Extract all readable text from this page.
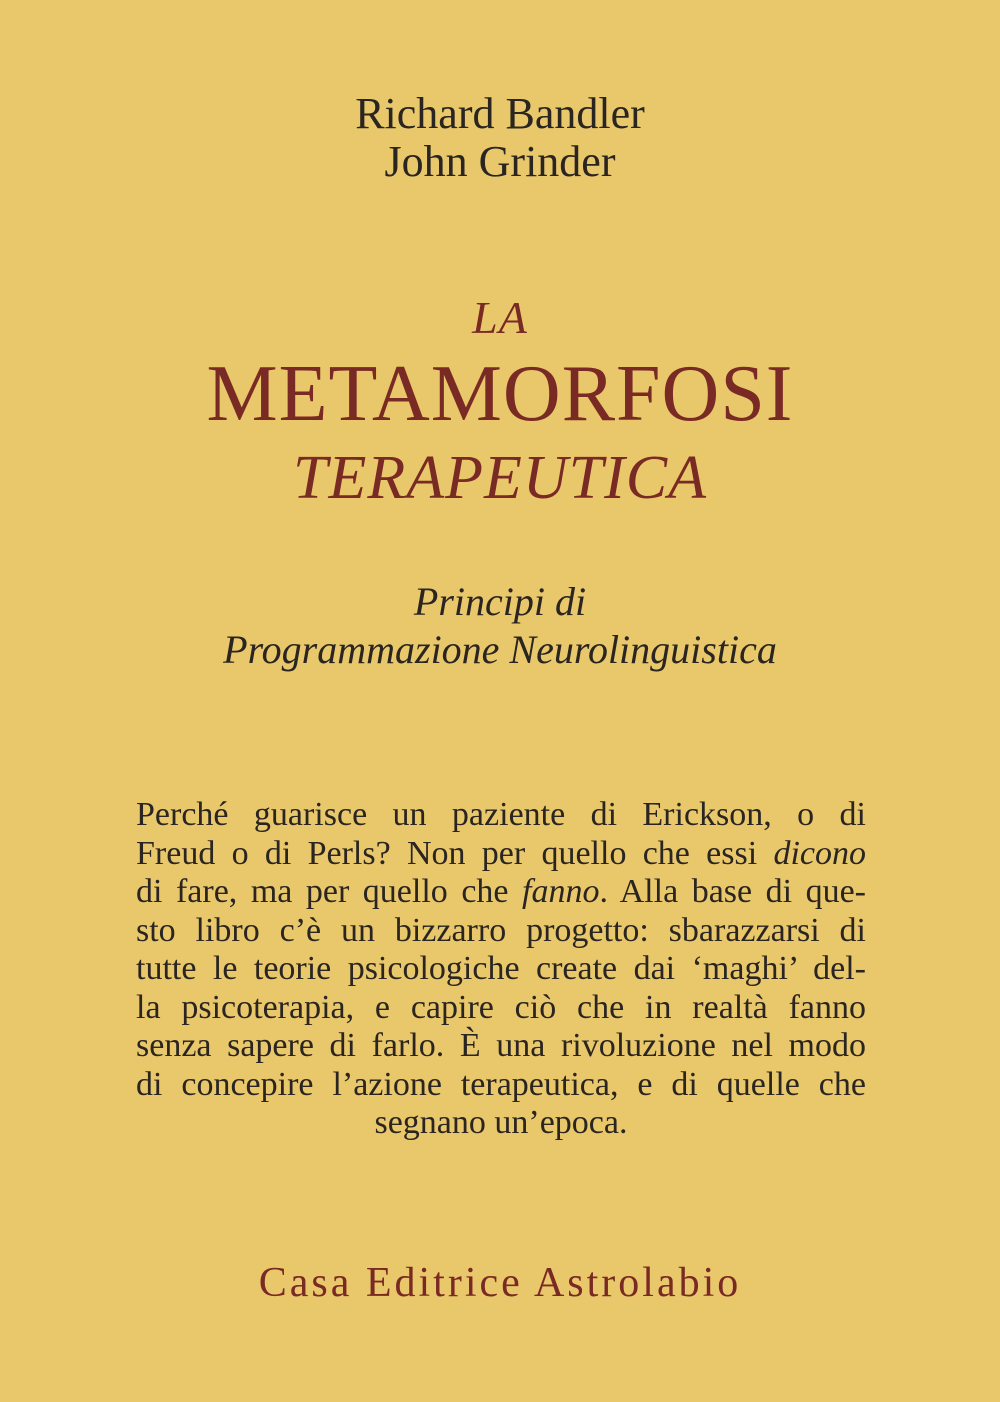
Richard Bandler
John Grinder
LA
METAMORFOSI
TERAPEUTICA
Principi di
Programmazione Neurolinguistica
Perché guarisce un paziente di Erickson, o di
Freud o di Perls? Non per quello che essi dicono
di fare, ma per quello che fanno. Alla base di que-
sto libro c’è un bizzarro progetto: sbarazzarsi di
tutte le teorie psicologiche create dai ‘maghi’ del-
la psicoterapia, e capire ciò che in realtà fanno
senza sapere di farlo. È una rivoluzione nel modo
di concepire l’azione terapeutica, e di quelle che
segnano un’epoca.
Casa Editrice Astrolabio
